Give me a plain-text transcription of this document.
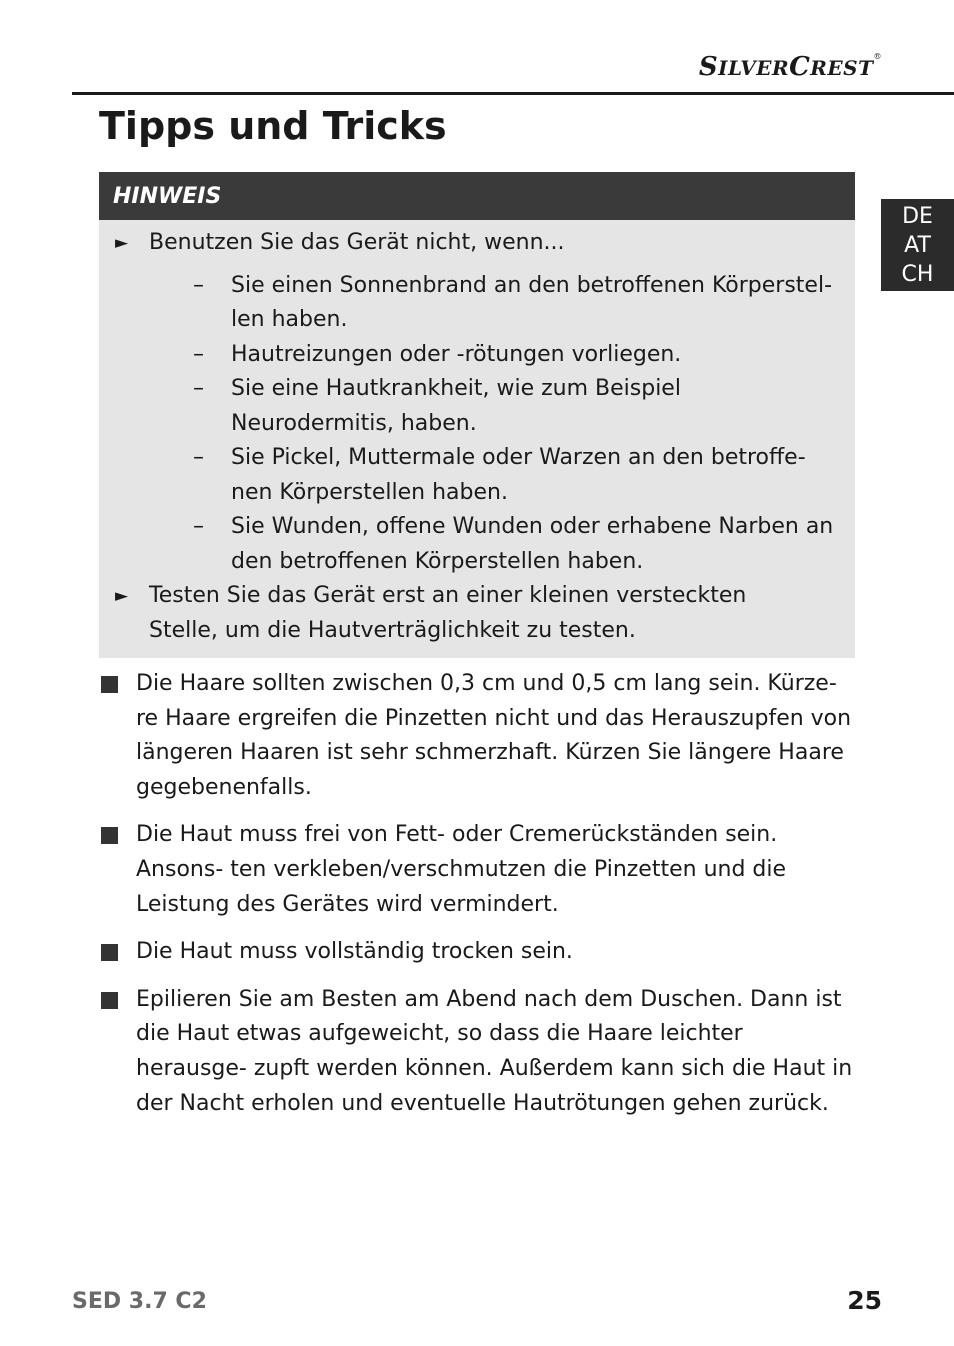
SILVERCREST®
Tipps und Tricks
DE
AT
CH
HINWEIS
► Benutzen Sie das Gerät nicht, wenn...
– Sie einen Sonnenbrand an den betroffenen Körperstel- len haben.
– Hautreizungen oder -rötungen vorliegen.
– Sie eine Hautkrankheit, wie zum Beispiel Neurodermitis, haben.
– Sie Pickel, Muttermale oder Warzen an den betroffe- nen Körperstellen haben.
– Sie Wunden, offene Wunden oder erhabene Narben an den betroffenen Körperstellen haben.
► Testen Sie das Gerät erst an einer kleinen versteckten Stelle, um die Hautverträglichkeit zu testen.
Die Haare sollten zwischen 0,3 cm und 0,5 cm lang sein. Kürze- re Haare ergreifen die Pinzetten nicht und das Herauszupfen von längeren Haaren ist sehr schmerzhaft. Kürzen Sie längere Haare gegebenenfalls.
Die Haut muss frei von Fett- oder Cremerückständen sein. Ansons- ten verkleben/verschmutzen die Pinzetten und die Leistung des Gerätes wird vermindert.
Die Haut muss vollständig trocken sein.
Epilieren Sie am Besten am Abend nach dem Duschen. Dann ist die Haut etwas aufgeweicht, so dass die Haare leichter herausge- zupft werden können. Außerdem kann sich die Haut in der Nacht erholen und eventuelle Hautrötungen gehen zurück.
SED 3.7 C2	25
